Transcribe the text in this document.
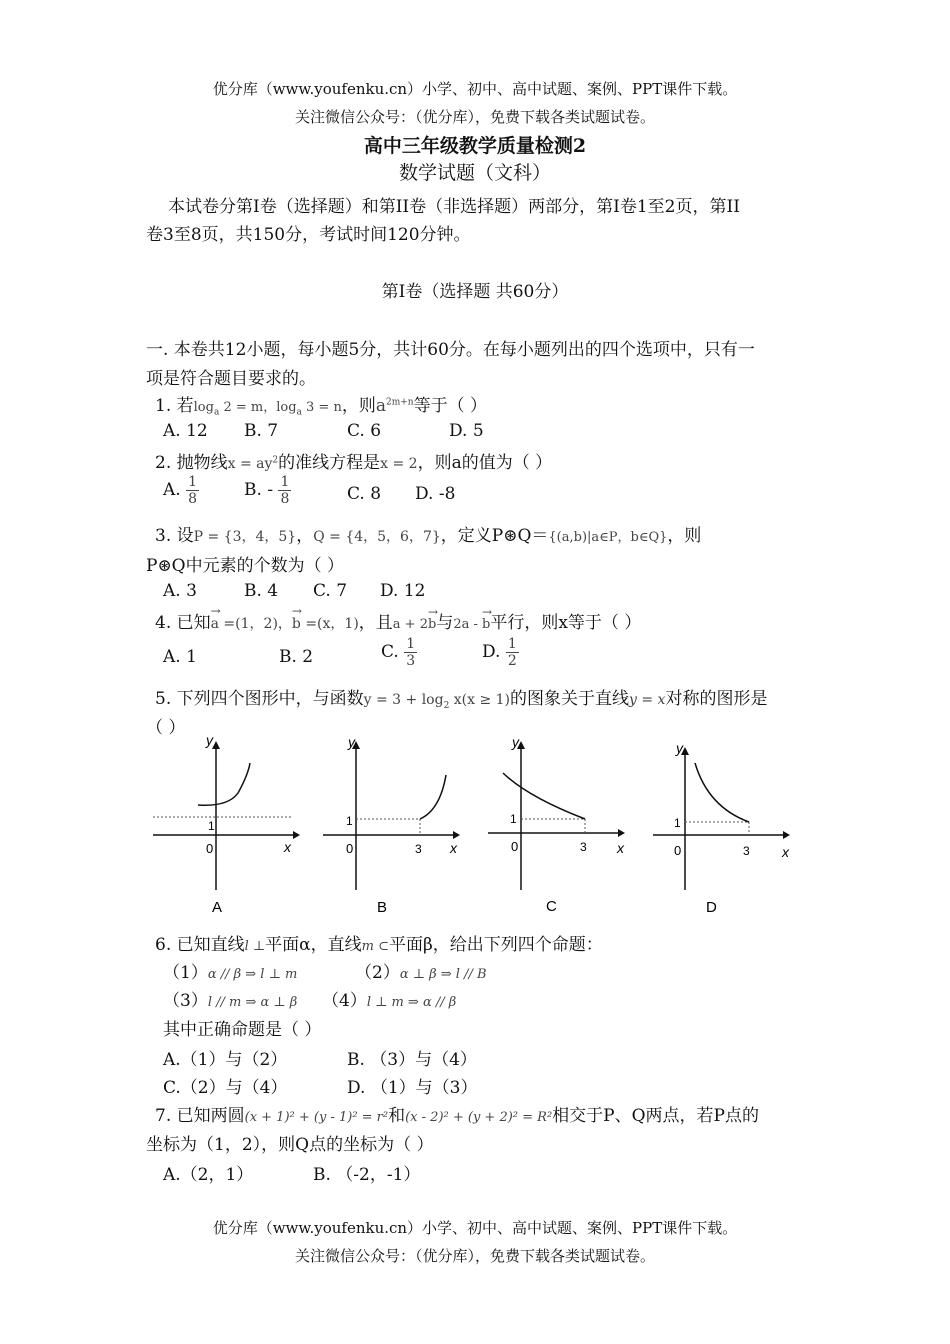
优分库（www.youfenku.cn）小学、初中、高中试题、案例、PPT课件下载。
关注微信公众号：（优分库），免费下载各类试题试卷。
高中三年级教学质量检测2
数学试题（文科）
本试卷分第I卷（选择题）和第II卷（非选择题）两部分，第I卷1至2页，第II
卷3至8页，共150分，考试时间120分钟。
第I卷（选择题 共60分）
一. 本卷共12小题，每小题5分，共计60分。在每小题列出的四个选项中，只有一
项是符合题目要求的。
1. 若$\log_a 2 = m$，$\log_a 3 = n$，则$a^{2m+n}$等于（ ）
A. 12 B. 7	C. 6	D. 5
2. 抛物线$x = ay^2$的准线方程是x = 2，则a的值为（ ）
A. $\frac{1}{8}$	B. - $\frac{1}{8}$	C. 8 D. -8
3. 设P = {3，4，5}，Q = {4，5，6，7}，定义P⊛Q＝{(a,b)|a∈P，b∈Q}，则
P⊛Q中元素的个数为（ ）
A. 3	B. 4 C. 7 D. 12
4. 已知→ a =(1，2)，→ b =(x，1)，且a + 2→ b与2a - → b平行，则x等于（ ）
A. 1	B. 2	C. $\frac{1}{3}$	D. $\frac{1}{2}$
5. 下列四个图形中，与函数$y = 3 + \log_2 x(x \ge 1)$的图象关于直线y = x对称的图形是
（ ）
y
x
0
1
A
y
x
0
1
3
B
y
x
0
1
3
C
y
x
0
1
3
D
6. 已知直线l ⊥平面α，直线m ⊂平面β，给出下列四个命题：
（1）α // β ⇒ l ⊥ m	（2）α ⊥ β ⇒ l // B
（3）l // m ⇒ α ⊥ β （4）l ⊥ m ⇒ α // β
其中正确命题是（ ）
A.（1）与（2）	B. （3）与（4）
C.（2）与（4）	D. （1）与（3）
7. 已知两圆(x + 1)² + (y - 1)² = r²和(x - 2)² + (y + 2)² = R²相交于P、Q两点，若P点的
坐标为（1，2），则Q点的坐标为（ ）
A.（2，1）	B. （-2，-1）
优分库（www.youfenku.cn）小学、初中、高中试题、案例、PPT课件下载。
关注微信公众号：（优分库），免费下载各类试题试卷。
